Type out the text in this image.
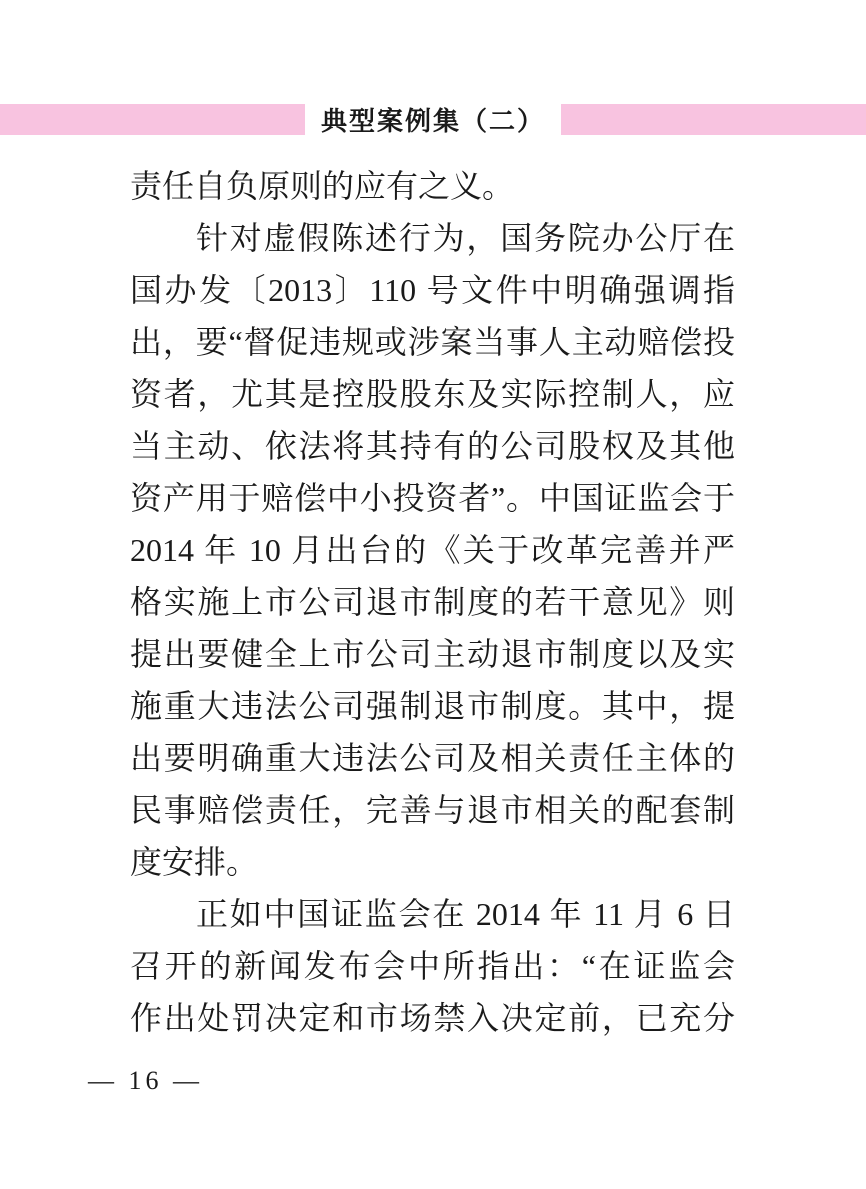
典型案例集（二）
责任自负原则的应有之义。
针对虚假陈述行为，国务院办公厅在
国办发〔2013〕110 号文件中明确强调指
出，要“督促违规或涉案当事人主动赔偿投
资者，尤其是控股股东及实际控制人，应
当主动、依法将其持有的公司股权及其他
资产用于赔偿中小投资者”。中国证监会于
2014 年 10 月出台的《关于改革完善并严
格实施上市公司退市制度的若干意见》则
提出要健全上市公司主动退市制度以及实
施重大违法公司强制退市制度。其中，提
出要明确重大违法公司及相关责任主体的
民事赔偿责任，完善与退市相关的配套制
度安排。
正如中国证监会在 2014 年 11 月 6 日
召开的新闻发布会中所指出：“在证监会
作出处罚决定和市场禁入决定前，已充分
— 16 —
